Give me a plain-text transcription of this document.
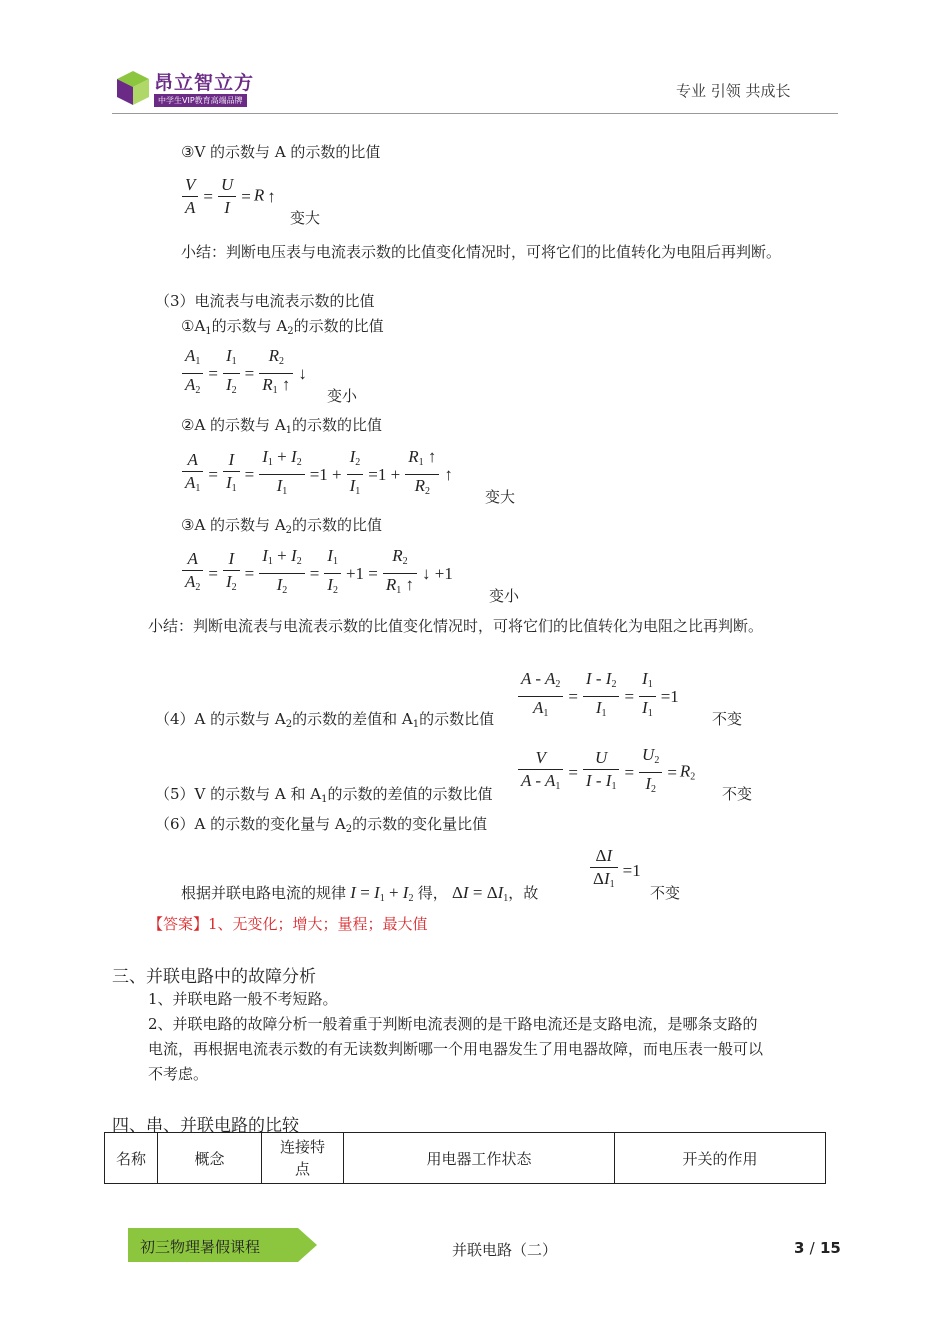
昂立智立方
中学生VIP教育高端品牌
专业 引领 共成长
③V 的示数与 A 的示数的比值
$\frac{V}{A} = \frac{U}{I} = R$ ↑
变大
小结：判断电压表与电流表示数的比值变化情况时，可将它们的比值转化为电阻后再判断。
（3）电流表与电流表示数的比值
$①A_1$的示数与 $A_2$的示数的比值
$\frac{A_1}{A_2} = \frac{I_1}{I_2} = \frac{R_2}{R_1 ↑}$ ↓
变小
②A 的示数与 $A_1$的示数的比值
$\frac{A}{A_1} = \frac{I}{I_1} = \frac{I_1 + I_2}{I_1} =1 + \frac{I_2}{I_1} =1 + \frac{R_1 ↑}{R_2}$ ↑
变大
③A 的示数与 $A_2$的示数的比值
$\frac{A}{A_2} = \frac{I}{I_2} = \frac{I_1 + I_2}{I_2} = \frac{I_1}{I_2} +1 = \frac{R_2}{R_1 ↑}$ ↓ +1
变小
小结：判断电流表与电流表示数的比值变化情况时，可将它们的比值转化为电阻之比再判断。
$\frac{A - A_2}{A_1} = \frac{I - I_2}{I_1} = \frac{I_1}{I_1} =1$
（4）A 的示数与 $A_2$的示数的差值和 $A_1$的示数比值	不变
$\frac{V}{A - A_1} = \frac{U}{I - I_1} = \frac{U_2}{I_2} = R_2$
（5）V 的示数与 A 和 $A_1$的示数的差值的示数比值	不变
（6）A 的示数的变化量与 $A_2$的示数的变化量比值
根据并联电路电流的规律 $I = I_1 + I_2$ 得， $\Delta I = \Delta I_1$，故	$\frac{\Delta I}{\Delta I_1} =1$
不变
【答案】1、无变化；增大；量程；最大值
三、并联电路中的故障分析
1、并联电路一般不考短路。
2、并联电路的故障分析一般着重于判断电流表测的是干路电流还是支路电流，是哪条支路的
电流，再根据电流表示数的有无读数判断哪一个用电器发生了用电器故障，而电压表一般可以
不考虑。
四、串、并联电路的比较
名称	概念	连接特
点	用电器工作状态	开关的作用
初三物理暑假课程	并联电路（二）	3 / 15
